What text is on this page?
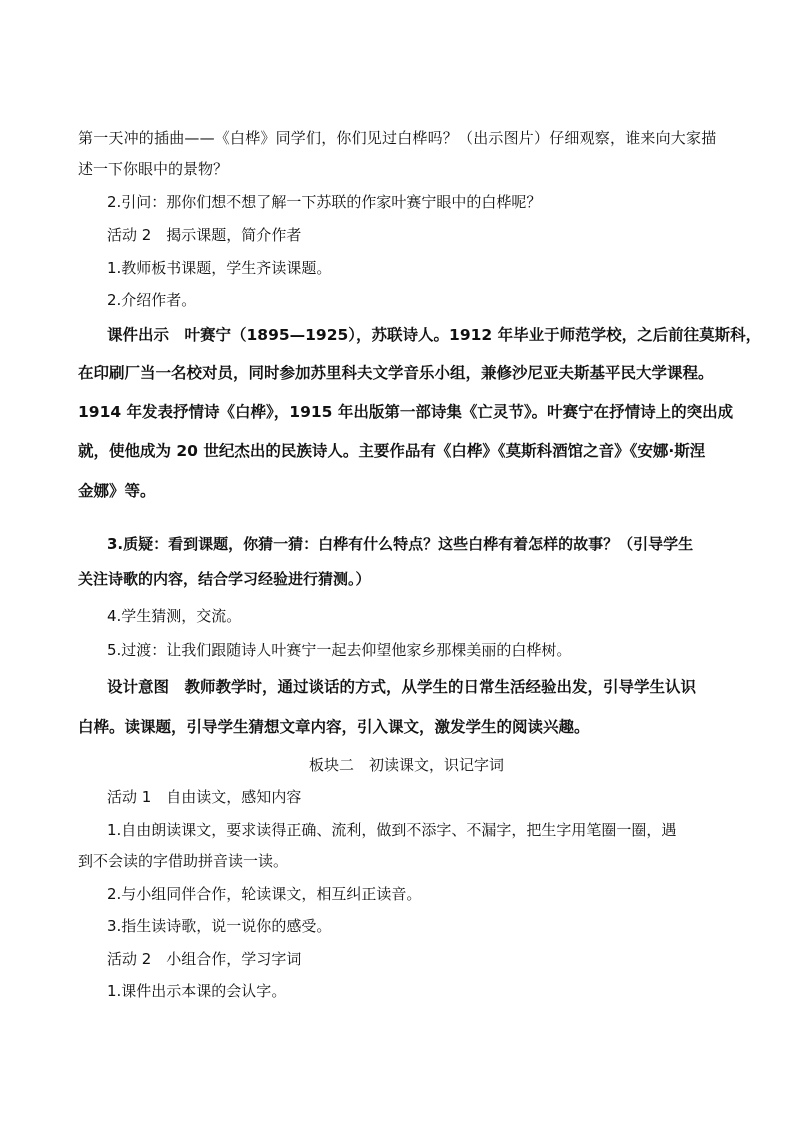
第一天冲的插曲——《白桦》同学们，你们见过白桦吗？（出示图片）仔细观察，谁来向大家描
述一下你眼中的景物？
2.引问：那你们想不想了解一下苏联的作家叶赛宁眼中的白桦呢？
活动 2　揭示课题，简介作者
1.教师板书课题，学生齐读课题。
2.介绍作者。
课件出示　叶赛宁（1895—1925），苏联诗人。1912 年毕业于师范学校，之后前往莫斯科，
在印刷厂当一名校对员，同时参加苏里科夫文学音乐小组，兼修沙尼亚夫斯基平民大学课程。
1914 年发表抒情诗《白桦》，1915 年出版第一部诗集《亡灵节》。叶赛宁在抒情诗上的突出成
就，使他成为 20 世纪杰出的民族诗人。主要作品有《白桦》《莫斯科酒馆之音》《安娜·斯涅
金娜》等。
3.质疑：看到课题，你猜一猜：白桦有什么特点？这些白桦有着怎样的故事？（引导学生
关注诗歌的内容，结合学习经验进行猜测。）
4.学生猜测，交流。
5.过渡：让我们跟随诗人叶赛宁一起去仰望他家乡那棵美丽的白桦树。
设计意图　教师教学时，通过谈话的方式，从学生的日常生活经验出发，引导学生认识
白桦。读课题，引导学生猜想文章内容，引入课文，激发学生的阅读兴趣。
板块二　初读课文，识记字词
活动 1　自由读文，感知内容
1.自由朗读课文，要求读得正确、流利，做到不添字、不漏字，把生字用笔圈一圈，遇
到不会读的字借助拼音读一读。
2.与小组同伴合作，轮读课文，相互纠正读音。
3.指生读诗歌，说一说你的感受。
活动 2　小组合作，学习字词
1.课件出示本课的会认字。
